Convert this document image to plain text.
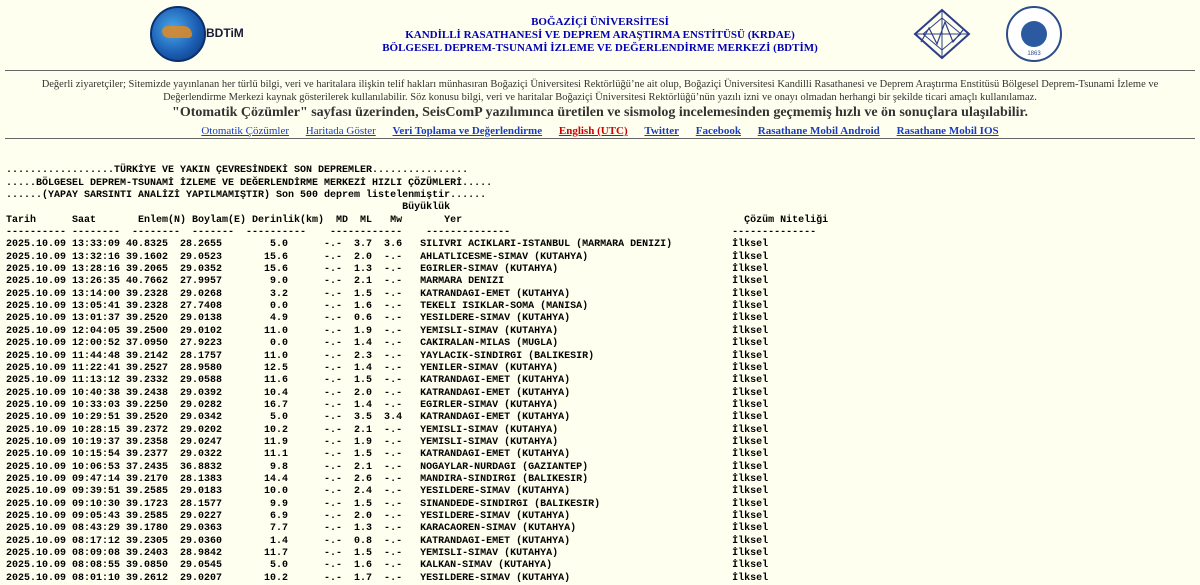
BDTiM
BOĞAZİÇİ ÜNİVERSİTESİ
KANDİLLİ RASATHANESİ VE DEPREM ARAŞTIRMA ENSTİTÜSÜ (KRDAE)
BÖLGESEL DEPREM-TSUNAMİ İZLEME VE DEĞERLENDİRME MERKEZİ (BDTİM)	1863
Değerli ziyaretçiler; Sitemizde yayınlanan her türlü bilgi, veri ve haritalara ilişkin telif hakları münhasıran Boğaziçi Üniversitesi Rektörlüğü’ne ait olup, Boğaziçi Üniversitesi Kandilli Rasathanesi ve Deprem Araştırma Enstitüsü Bölgesel Deprem-Tsunami İzleme ve Değerlendirme Merkezi kaynak gösterilerek kullanılabilir. Söz konusu bilgi, veri ve haritalar Boğaziçi Üniversitesi Rektörlüğü’nün yazılı izni ve onayı olmadan herhangi bir şekilde ticari amaçlı kullanılamaz.
"Otomatik Çözümler" sayfası üzerinden, SeisComP yazılımınca üretilen ve sismolog incelemesinden geçmemiş hızlı ve ön sonuçlara ulaşılabilir.
Otomatik Çözümler Haritada Göster Veri Toplama ve Değerlendirme English (UTC) Twitter Facebook Rasathane Mobil Android Rasathane Mobil IOS

..................TÜRKİYE VE YAKIN ÇEVRESİNDEKİ SON DEPREMLER................
.....BÖLGESEL DEPREM-TSUNAMİ İZLEME VE DEĞERLENDİRME MERKEZİ HIZLI ÇÖZÜMLERİ.....
......(YAPAY SARSINTI ANALİZİ YAPILMAMIŞTIR) Son 500 deprem listelenmiştir......
Büyüklük
Tarih      Saat       Enlem(N) Boylam(E) Derinlik(km)  MD  ML   Mw       Yer                                               Çözüm Niteliği
---------- --------  --------  -------  ----------    ------------    --------------                                     --------------
2025.10.09 13:33:09 40.8325  28.2655        5.0      -.-  3.7  3.6   SILIVRI ACIKLARI-ISTANBUL (MARMARA DENIZI)          İlksel
2025.10.09 13:32:16 39.1602  29.0523       15.6      -.-  2.0  -.-   AHLATLICESME-SIMAV (KUTAHYA)                        İlksel
2025.10.09 13:28:16 39.2065  29.0352       15.6      -.-  1.3  -.-   EGIRLER-SIMAV (KUTAHYA)                             İlksel
2025.10.09 13:26:35 40.7662  27.9957        9.0      -.-  2.1  -.-   MARMARA DENIZI                                      İlksel
2025.10.09 13:14:00 39.2328  29.0268        3.2      -.-  1.5  -.-   KATRANDAGI-EMET (KUTAHYA)                           İlksel
2025.10.09 13:05:41 39.2328  27.7408        0.0      -.-  1.6  -.-   TEKELI ISIKLAR-SOMA (MANISA)                        İlksel
2025.10.09 13:01:37 39.2520  29.0138        4.9      -.-  0.6  -.-   YESILDERE-SIMAV (KUTAHYA)                           İlksel
2025.10.09 12:04:05 39.2500  29.0102       11.0      -.-  1.9  -.-   YEMISLI-SIMAV (KUTAHYA)                             İlksel
2025.10.09 12:00:52 37.0950  27.9223        0.0      -.-  1.4  -.-   CAKIRALAN-MILAS (MUGLA)                             İlksel
2025.10.09 11:44:48 39.2142  28.1757       11.0      -.-  2.3  -.-   YAYLACIK-SINDIRGI (BALIKESIR)                       İlksel
2025.10.09 11:22:41 39.2527  28.9580       12.5      -.-  1.4  -.-   YENILER-SIMAV (KUTAHYA)                             İlksel
2025.10.09 11:13:12 39.2332  29.0588       11.6      -.-  1.5  -.-   KATRANDAGI-EMET (KUTAHYA)                           İlksel
2025.10.09 10:40:38 39.2438  29.0392       10.4      -.-  2.0  -.-   KATRANDAGI-EMET (KUTAHYA)                           İlksel
2025.10.09 10:33:03 39.2250  29.0282       16.7      -.-  1.4  -.-   EGIRLER-SIMAV (KUTAHYA)                             İlksel
2025.10.09 10:29:51 39.2520  29.0342        5.0      -.-  3.5  3.4   KATRANDAGI-EMET (KUTAHYA)                           İlksel
2025.10.09 10:28:15 39.2372  29.0202       10.2      -.-  2.1  -.-   YEMISLI-SIMAV (KUTAHYA)                             İlksel
2025.10.09 10:19:37 39.2358  29.0247       11.9      -.-  1.9  -.-   YEMISLI-SIMAV (KUTAHYA)                             İlksel
2025.10.09 10:15:54 39.2377  29.0322       11.1      -.-  1.5  -.-   KATRANDAGI-EMET (KUTAHYA)                           İlksel
2025.10.09 10:06:53 37.2435  36.8832        9.8      -.-  2.1  -.-   NOGAYLAR-NURDAGI (GAZIANTEP)                        İlksel
2025.10.09 09:47:14 39.2170  28.1383       14.4      -.-  2.6  -.-   MANDIRA-SINDIRGI (BALIKESIR)                        İlksel
2025.10.09 09:39:51 39.2585  29.0183       10.0      -.-  2.4  -.-   YESILDERE-SIMAV (KUTAHYA)                           İlksel
2025.10.09 09:10:30 39.1723  28.1577        9.9      -.-  1.5  -.-   SINANDEDE-SINDIRGI (BALIKESIR)                      İlksel
2025.10.09 09:05:43 39.2585  29.0227        6.9      -.-  2.0  -.-   YESILDERE-SIMAV (KUTAHYA)                           İlksel
2025.10.09 08:43:29 39.1780  29.0363        7.7      -.-  1.3  -.-   KARACAOREN-SIMAV (KUTAHYA)                          İlksel
2025.10.09 08:17:12 39.2305  29.0360        1.4      -.-  0.8  -.-   KATRANDAGI-EMET (KUTAHYA)                           İlksel
2025.10.09 08:09:08 39.2403  28.9842       11.7      -.-  1.5  -.-   YEMISLI-SIMAV (KUTAHYA)                             İlksel
2025.10.09 08:08:55 39.0850  29.0545        5.0      -.-  1.6  -.-   KALKAN-SIMAV (KUTAHYA)                              İlksel
2025.10.09 08:01:10 39.2612  29.0207       10.2      -.-  1.7  -.-   YESILDERE-SIMAV (KUTAHYA)                           İlksel
